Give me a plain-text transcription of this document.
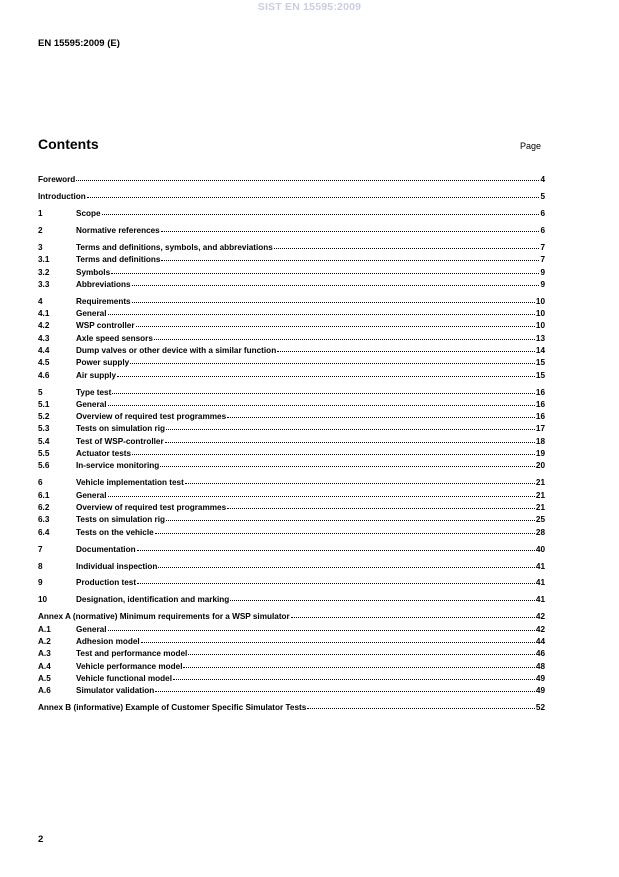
SIST EN 15595:2009
EN 15595:2009 (E)
Contents	Page
Foreword	4
Introduction	5
1	Scope	6
2	Normative references	6
3	Terms and definitions, symbols, and abbreviations	7
3.1	Terms and definitions	7
3.2	Symbols	9
3.3	Abbreviations	9
4	Requirements	10
4.1	General	10
4.2	WSP controller	10
4.3	Axle speed sensors	13
4.4	Dump valves or other device with a similar function	14
4.5	Power supply	15
4.6	Air supply	15
5	Type test	16
5.1	General	16
5.2	Overview of required test programmes	16
5.3	Tests on simulation rig	17
5.4	Test of WSP-controller	18
5.5	Actuator tests	19
5.6	In-service monitoring	20
6	Vehicle implementation test	21
6.1	General	21
6.2	Overview of required test programmes	21
6.3	Tests on simulation rig	25
6.4	Tests on the vehicle	28
7	Documentation	40
8	Individual inspection	41
9	Production test	41
10	Designation, identification and marking	41
Annex A (normative) Minimum requirements for a WSP simulator	42
A.1	General	42
A.2	Adhesion model	44
A.3	Test and performance model	46
A.4	Vehicle performance model	48
A.5	Vehicle functional model	49
A.6	Simulator validation	49
Annex B (informative) Example of Customer Specific Simulator Tests	52
2
